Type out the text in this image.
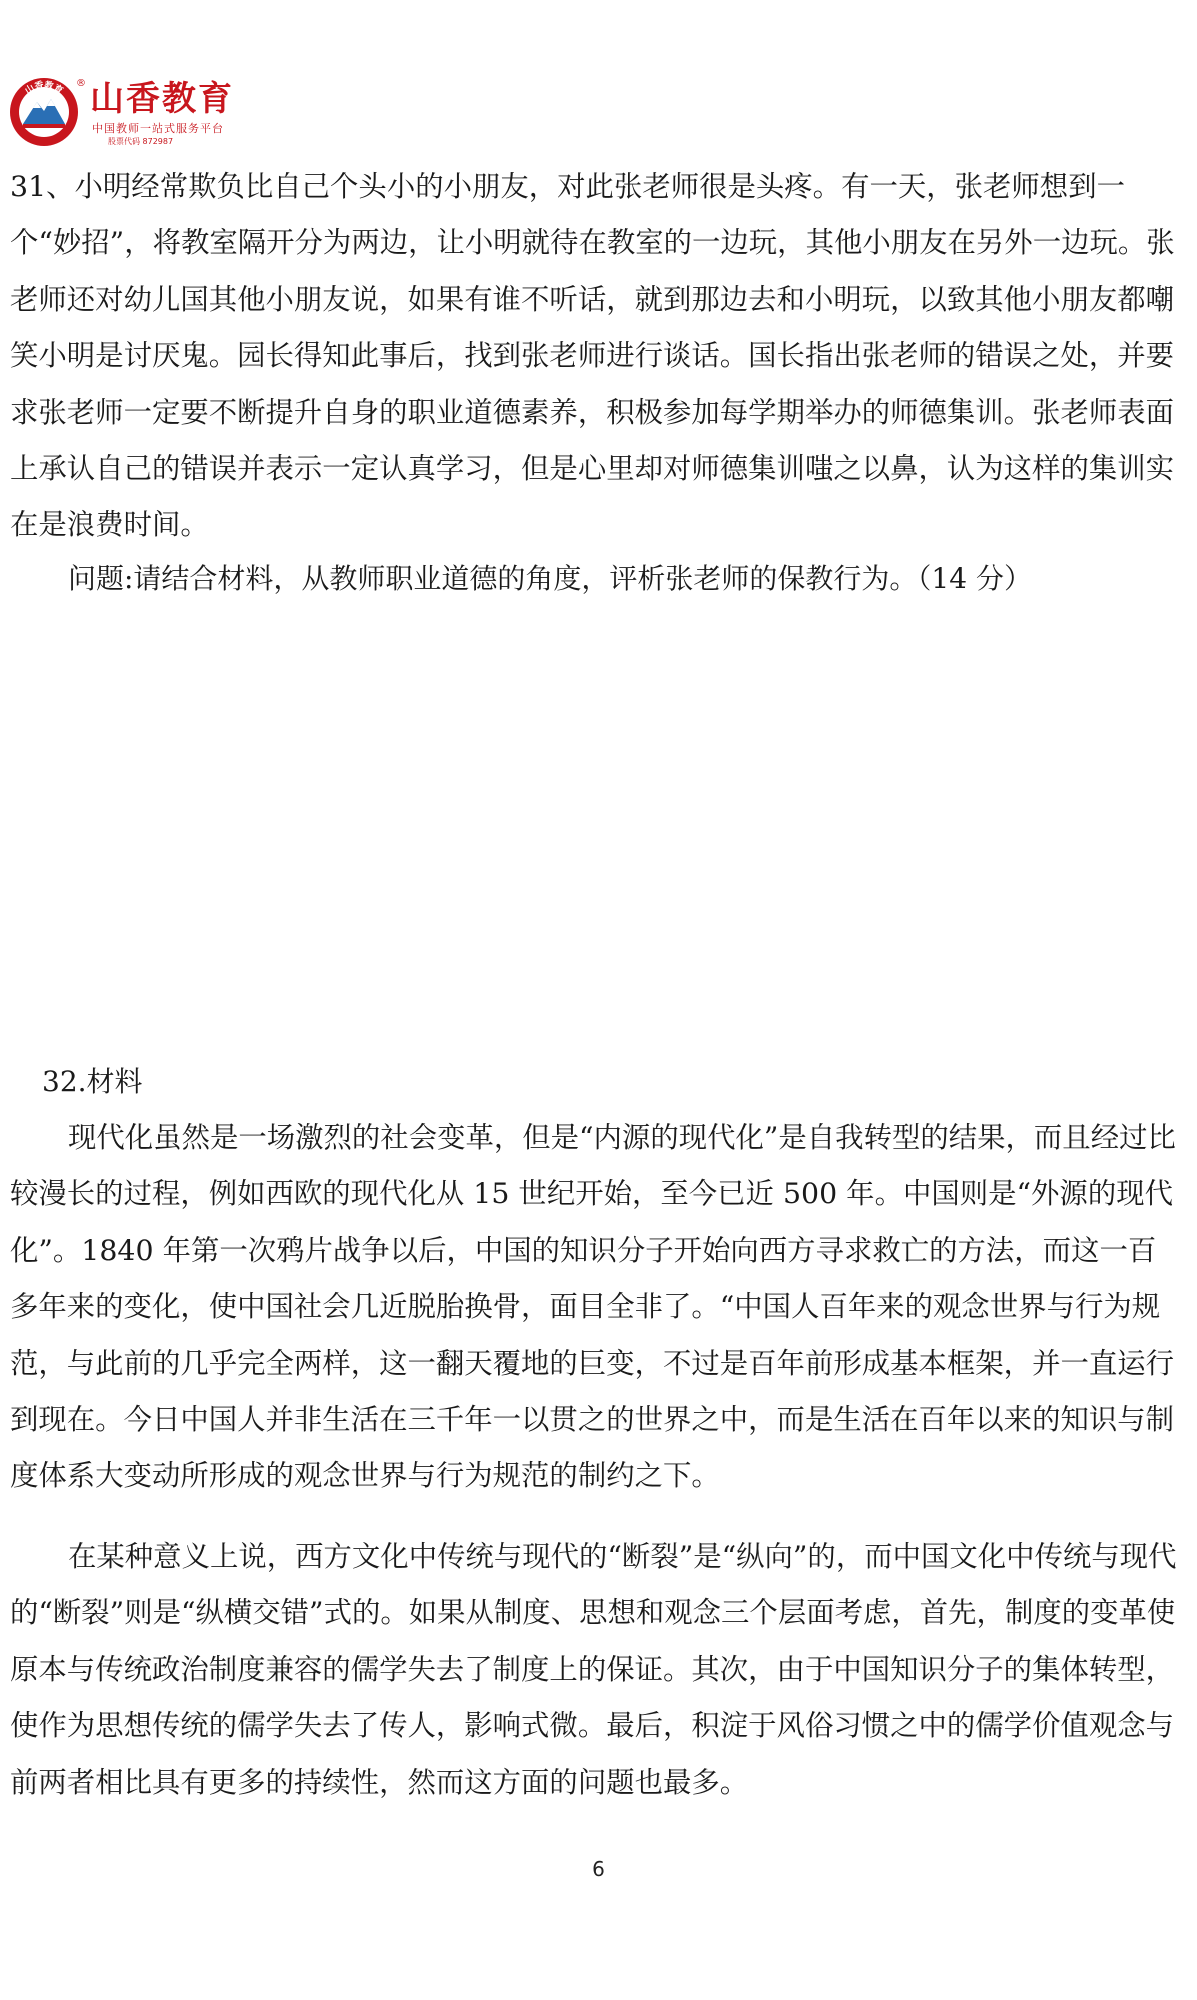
山香教育 ® 山香教育
中国教师一站式服务平台
股票代码 872987

31、小明经常欺负比自己个头小的小朋友，对此张老师很是头疼。有一天，张老师想到一个“妙招”，将教室隔开分为两边，让小明就待在教室的一边玩，其他小朋友在另外一边玩。张老师还对幼儿国其他小朋友说，如果有谁不听话，就到那边去和小明玩，以致其他小朋友都嘲笑小明是讨厌鬼。园长得知此事后，找到张老师进行谈话。国长指出张老师的错误之处，并要求张老师一定要不断提升自身的职业道德素养，积极参加每学期举办的师德集训。张老师表面上承认自己的错误并表示一定认真学习，但是心里却对师德集训嗤之以鼻，认为这样的集训实在是浪费时间。

问题:请结合材料，从教师职业道德的角度，评析张老师的保教行为。（14 分）

32.材料

现代化虽然是一场激烈的社会变革，但是“内源的现代化”是自我转型的结果，而且经过比较漫长的过程，例如西欧的现代化从 15 世纪开始，至今已近 500 年。中国则是“外源的现代化”。1840 年第一次鸦片战争以后，中国的知识分子开始向西方寻求救亡的方法，而这一百多年来的变化，使中国社会几近脱胎换骨，面目全非了。“中国人百年来的观念世界与行为规范，与此前的几乎完全两样，这一翻天覆地的巨变，不过是百年前形成基本框架，并一直运行到现在。今日中国人并非生活在三千年一以贯之的世界之中，而是生活在百年以来的知识与制度体系大变动所形成的观念世界与行为规范的制约之下。

在某种意义上说，西方文化中传统与现代的“断裂”是“纵向”的，而中国文化中传统与现代的“断裂”则是“纵横交错”式的。如果从制度、思想和观念三个层面考虑，首先，制度的变革使原本与传统政治制度兼容的儒学失去了制度上的保证。其次，由于中国知识分子的集体转型，使作为思想传统的儒学失去了传人，影响式微。最后，积淀于风俗习惯之中的儒学价值观念与前两者相比具有更多的持续性，然而这方面的问题也最多。

6
